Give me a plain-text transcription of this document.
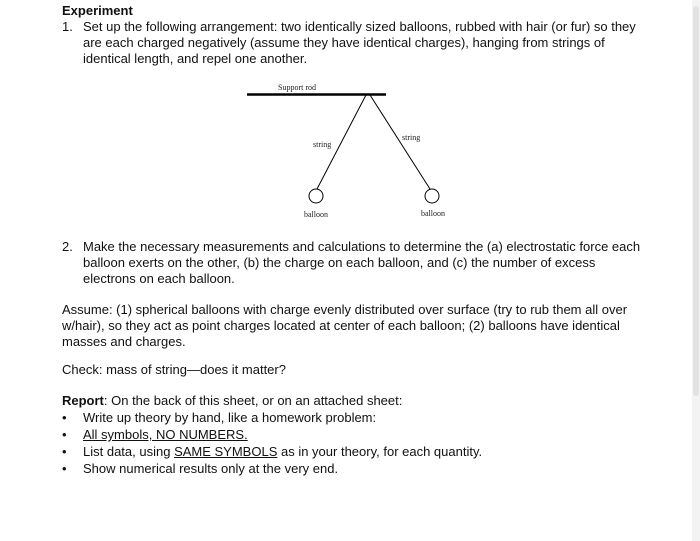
Experiment
1. Set up the following arrangement: two identically sized balloons, rubbed with hair (or fur) so they are each charged negatively (assume they have identical charges), hanging from strings of identical length, and repel one another.
Support rod
string
string
balloon	balloon
2. Make the necessary measurements and calculations to determine the (a) electrostatic force each balloon exerts on the other, (b) the charge on each balloon, and (c) the number of excess electrons on each balloon.
Assume: (1) spherical balloons with charge evenly distributed over surface (try to rub them all over w/hair), so they act as point charges located at center of each balloon; (2) balloons have identical masses and charges.
Check: mass of string—does it matter?
Report: On the back of this sheet, or on an attached sheet:
• Write up theory by hand, like a homework problem:
• All symbols, NO NUMBERS.
• List data, using SAME SYMBOLS as in your theory, for each quantity.
• Show numerical results only at the very end.
